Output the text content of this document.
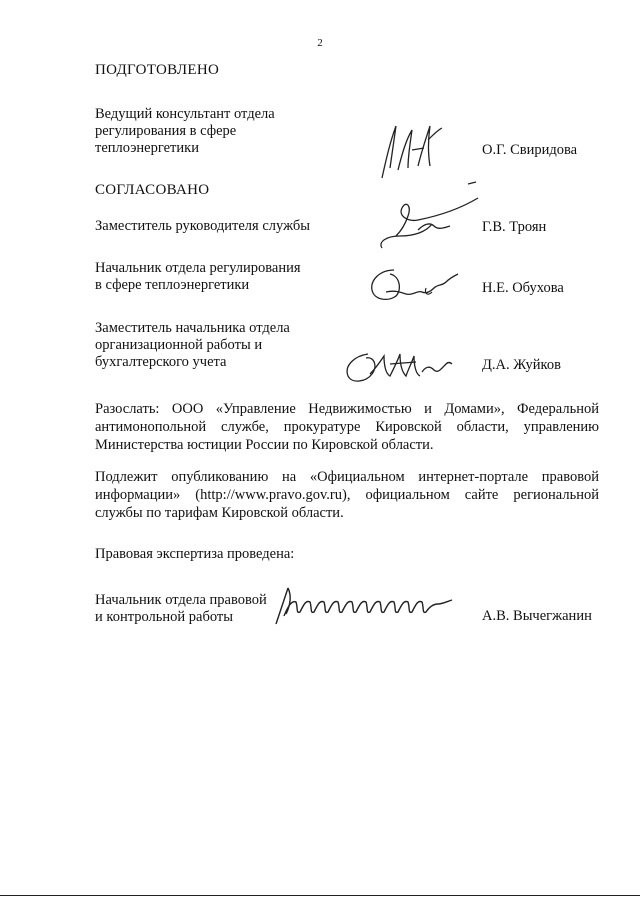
2
ПОДГОТОВЛЕНО
Ведущий консультант отдела
регулирования в сфере
теплоэнергетики	О.Г. Свиридова
СОГЛАСОВАНО
Заместитель руководителя службы	Г.В. Троян
Начальник отдела регулирования
в сфере теплоэнергетики	Н.Е. Обухова
Заместитель начальника отдела
организационной работы и
бухгалтерского учета	Д.А. Жуйков
Разослать: ООО «Управление Недвижимостью и Домами», Федеральной
антимонопольной службе, прокуратуре Кировской области, управлению
Министерства юстиции России по Кировской области.
Подлежит опубликованию на «Официальном интернет-портале правовой
информации» (http://www.pravo.gov.ru), официальном сайте региональной
службы по тарифам Кировской области.
Правовая экспертиза проведена:
Начальник отдела правовой
и контрольной работы	А.В. Вычегжанин
